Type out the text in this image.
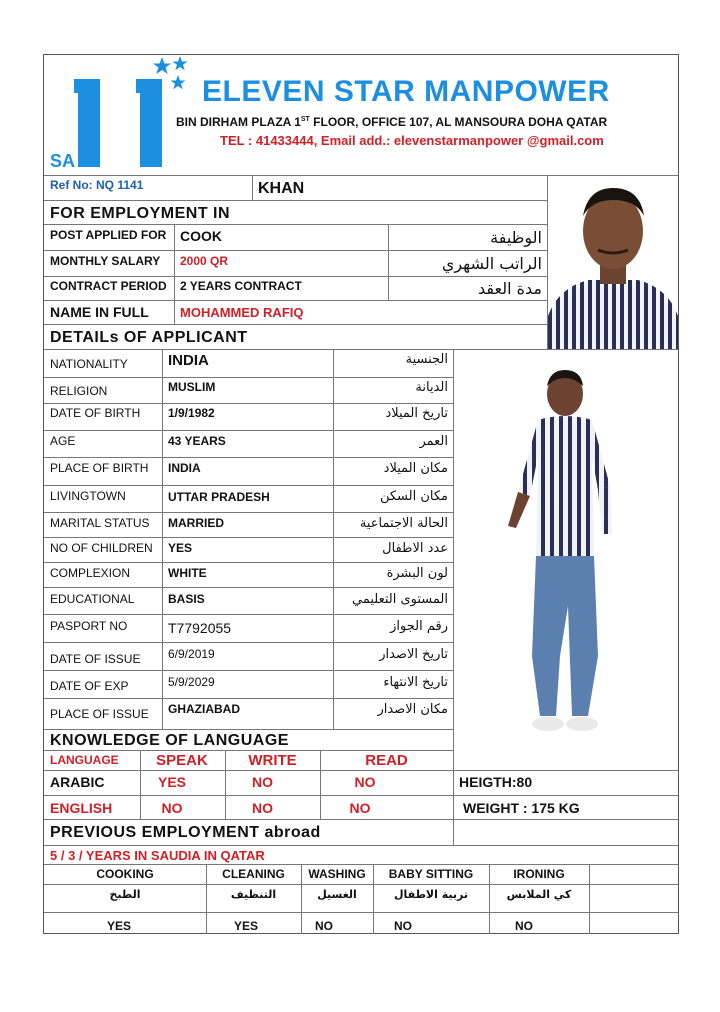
SA
ELEVEN STAR MANPOWER
BIN DIRHAM PLAZA 1ST FLOOR, OFFICE 107, AL MANSOURA DOHA QATAR
TEL : 41433444, Email add.: elevenstarmanpower @gmail.com
Ref No: NQ 1141	KHAN
FOR EMPLOYMENT IN
POST APPLIED FOR COOK	الوظيفة
MONTHLY SALARY 2000 QR	الراتب الشهري
CONTRACT PERIOD 2 YEARS CONTRACT	مدة العقد
NAME IN FULL MOHAMMED RAFIQ
DETAILs OF APPLICANT
NATIONALITY	INDIA	الجنسية
RELIGION	MUSLIM	الديانة
DATE OF BIRTH 1/9/1982	تاريخ الميلاد
AGE	43 YEARS	العمر
PLACE OF BIRTH INDIA	مكان الميلاد
LIVINGTOWN	UTTAR PRADESH	مكان السكن
MARITAL STATUS MARRIED	الحالة الاجتماعية
NO OF CHILDREN YES	عدد الاطفال
COMPLEXION	WHITE	لون البشرة
EDUCATIONAL	BASIS	المستوى التعليمي
PASPORT NO	T7792055	رقم الجواز
DATE OF ISSUE 6/9/2019	تاريخ الاصدار
DATE OF EXP	5/9/2029	تاريخ الانتهاء
PLACE OF ISSUE GHAZIABAD	مكان الاصدار
KNOWLEDGE OF LANGUAGE
LANGUAGE	SPEAK	WRITE	READ
ARABIC	YES	NO	NO	HEIGTH:80
ENGLISH	NO	NO	NO	WEIGHT : 175 KG
PREVIOUS EMPLOYMENT abroad
5 / 3 / YEARS IN SAUDIA IN QATAR
COOKING	CLEANING	WASHING	BABY SITTING	IRONING
الطبخ	التنظيف	الغسيل	تربية الاطفال	كي الملابس
YES	YES	NO	NO	NO
